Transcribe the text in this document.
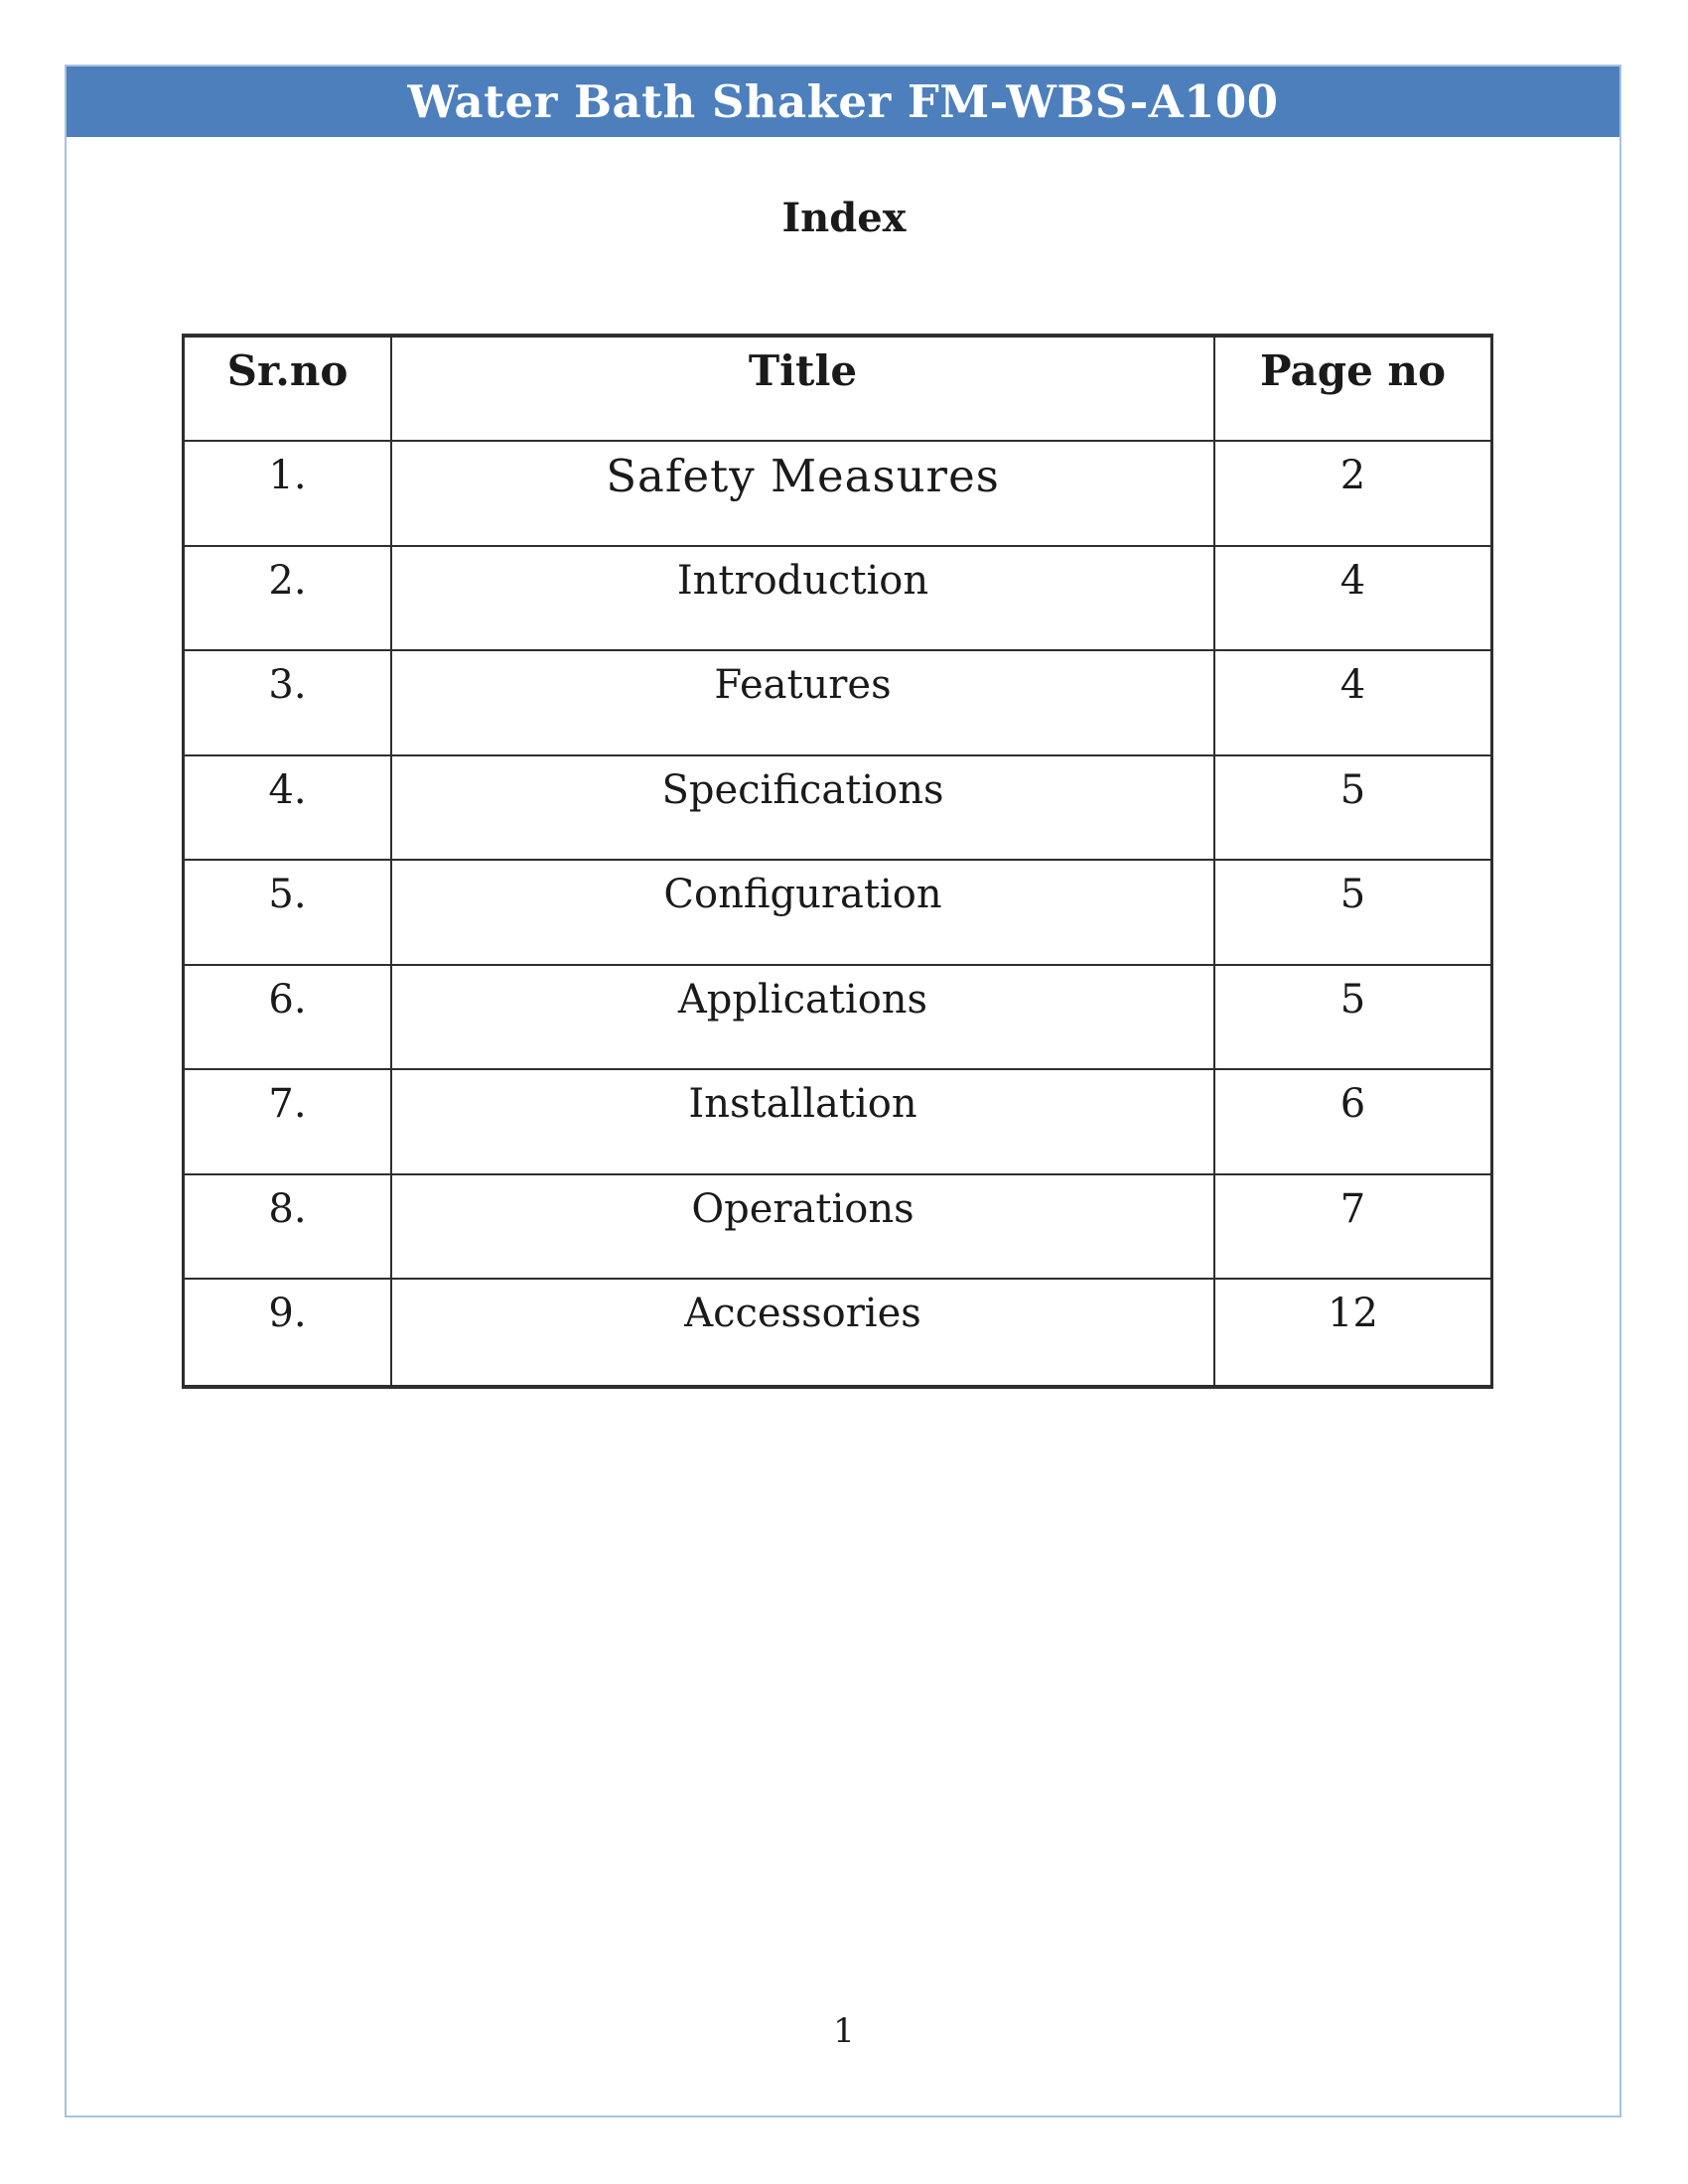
Water Bath Shaker FM-WBS-A100
Index
Sr.no	Title	Page no
1.	Safety Measures	2
2.	Introduction	4
3.	Features	4
4.	Specifications	5
5.	Configuration	5
6.	Applications	5
7.	Installation	6
8.	Operations	7
9.	Accessories	12
1
